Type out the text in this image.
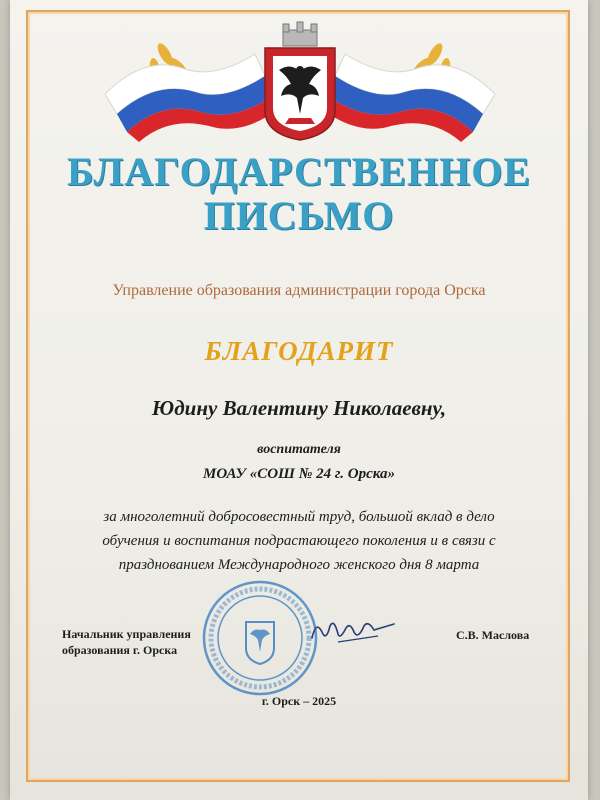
БЛАГОДАРСТВЕННОЕ
ПИСЬМО
Управление образования администрации города Орска
БЛАГОДАРИТ
Юдину Валентину Николаевну,
воспитателя
МОАУ «СОШ № 24 г. Орска»
за многолетний добросовестный труд, большой вклад в дело
обучения и воспитания подрастающего поколения и в связи с
празднованием Международного женского дня 8 марта
Начальник управления
образования г. Орска
С.В. Маслова
г. Орск – 2025
